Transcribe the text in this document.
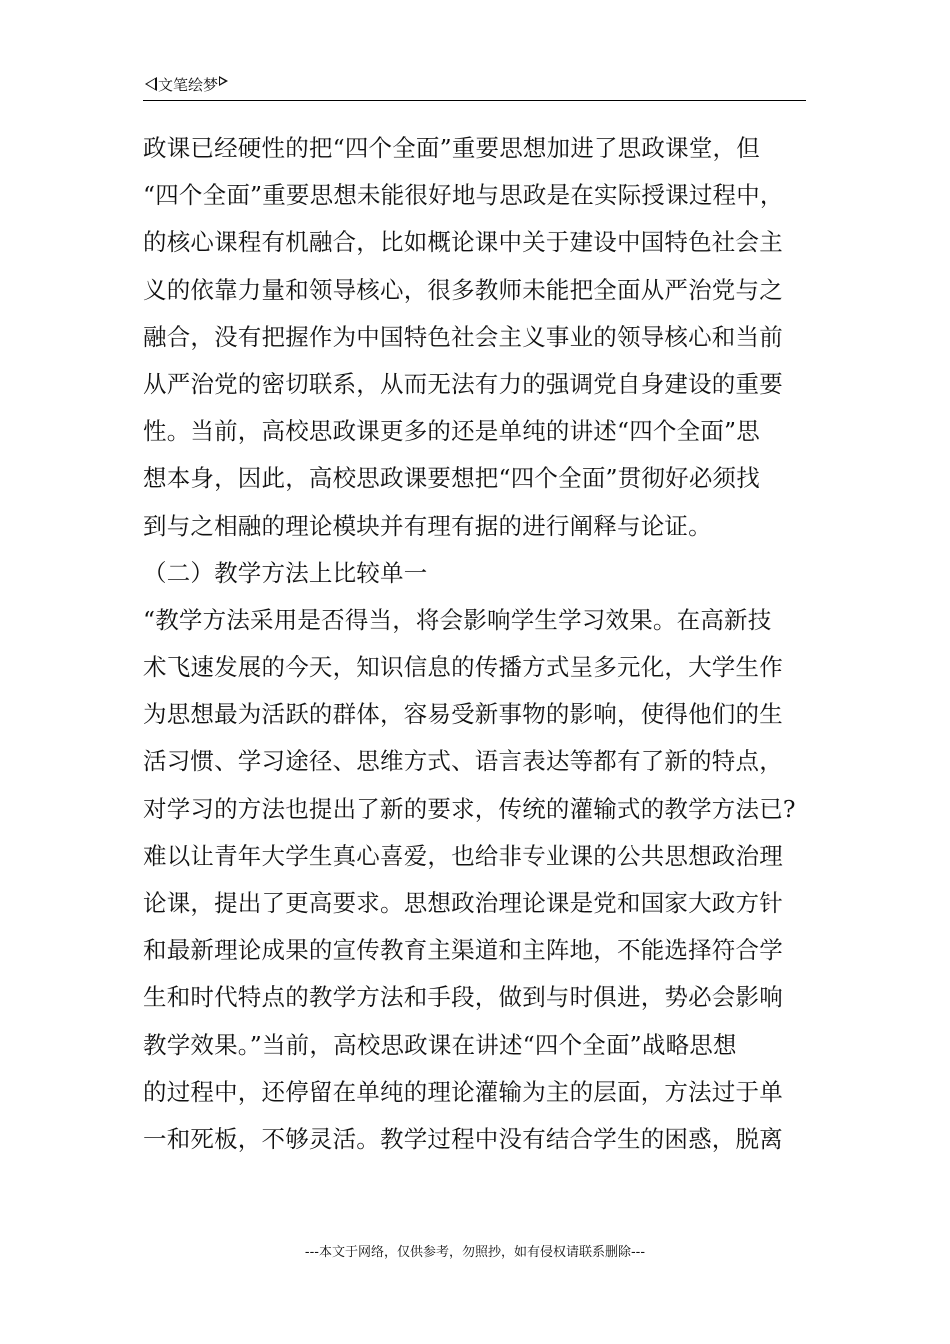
文笔绘梦
政课已经硬性的把“四个全面”重要思想加进了思政课堂，但
“四个全面”重要思想未能很好地与思政是在实际授课过程中，
的核心课程有机融合，比如概论课中关于建设中国特色社会主
义的依靠力量和领导核心，很多教师未能把全面从严治党与之
融合，没有把握作为中国特色社会主义事业的领导核心和当前
从严治党的密切联系，从而无法有力的强调党自身建设的重要
性。当前，高校思政课更多的还是单纯的讲述“四个全面”思
想本身，因此，高校思政课要想把“四个全面”贯彻好必须找
到与之相融的理论模块并有理有据的进行阐释与论证。
（二）教学方法上比较单一
“教学方法采用是否得当，将会影响学生学习效果。在高新技
术飞速发展的今天，知识信息的传播方式呈多元化，大学生作
为思想最为活跃的群体，容易受新事物的影响，使得他们的生
活习惯、学习途径、思维方式、语言表达等都有了新的特点，
对学习的方法也提出了新的要求，传统的灌输式的教学方法已?
难以让青年大学生真心喜爱，也给非专业课的公共思想政治理
论课，提出了更高要求。思想政治理论课是党和国家大政方针
和最新理论成果的宣传教育主渠道和主阵地，不能选择符合学
生和时代特点的教学方法和手段，做到与时俱进，势必会影响
教学效果。”当前，高校思政课在讲述“四个全面”战略思想
的过程中，还停留在单纯的理论灌输为主的层面，方法过于单
一和死板，不够灵活。教学过程中没有结合学生的困惑，脱离
---本文于网络，仅供参考，勿照抄，如有侵权请联系删除---
